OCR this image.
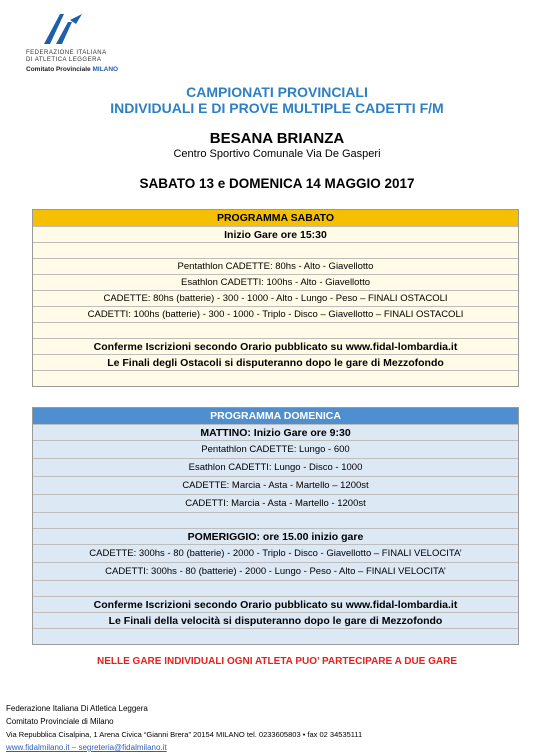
FEDERAZIONE ITALIANA
DI ATLETICA LEGGERA
Comitato Provinciale MILANO
CAMPIONATI PROVINCIALI
INDIVIDUALI E DI PROVE MULTIPLE CADETTI F/M
BESANA BRIANZA
Centro Sportivo Comunale Via De Gasperi
SABATO 13 e DOMENICA 14 MAGGIO 2017
PROGRAMMA SABATO
Inizio Gare ore 15:30
Pentathlon CADETTE: 80hs - Alto - Giavellotto
Esathlon CADETTI: 100hs - Alto - Giavellotto
CADETTE: 80hs (batterie) - 300 - 1000 - Alto - Lungo - Peso – FINALI OSTACOLI
CADETTI: 100hs (batterie) - 300 - 1000 - Triplo - Disco – Giavellotto – FINALI OSTACOLI
Conferme Iscrizioni secondo Orario pubblicato su www.fidal-lombardia.it
Le Finali degli Ostacoli si disputeranno dopo le gare di Mezzofondo
PROGRAMMA DOMENICA
MATTINO: Inizio Gare ore 9:30
Pentathlon CADETTE: Lungo - 600
Esathlon CADETTI: Lungo - Disco - 1000
CADETTE: Marcia - Asta - Martello – 1200st
CADETTI: Marcia - Asta - Martello - 1200st
POMERIGGIO: ore 15.00 inizio gare
CADETTE: 300hs - 80 (batterie) - 2000 - Triplo - Disco - Giavellotto – FINALI VELOCITA’
CADETTI: 300hs - 80 (batterie) - 2000 - Lungo - Peso - Alto – FINALI VELOCITA’
Conferme Iscrizioni secondo Orario pubblicato su www.fidal-lombardia.it
Le Finali della velocità si disputeranno dopo le gare di Mezzofondo
NELLE GARE INDIVIDUALI OGNI ATLETA PUO’ PARTECIPARE A DUE GARE
Federazione Italiana Di Atletica Leggera
Comitato Provinciale di Milano
Via Repubblica Cisalpina, 1 Arena Civica “Gianni Brera” 20154 MILANO tel. 0233605803 • fax 02 34535111
www.fidalmilano.it – segreteria@fidalmilano.it
